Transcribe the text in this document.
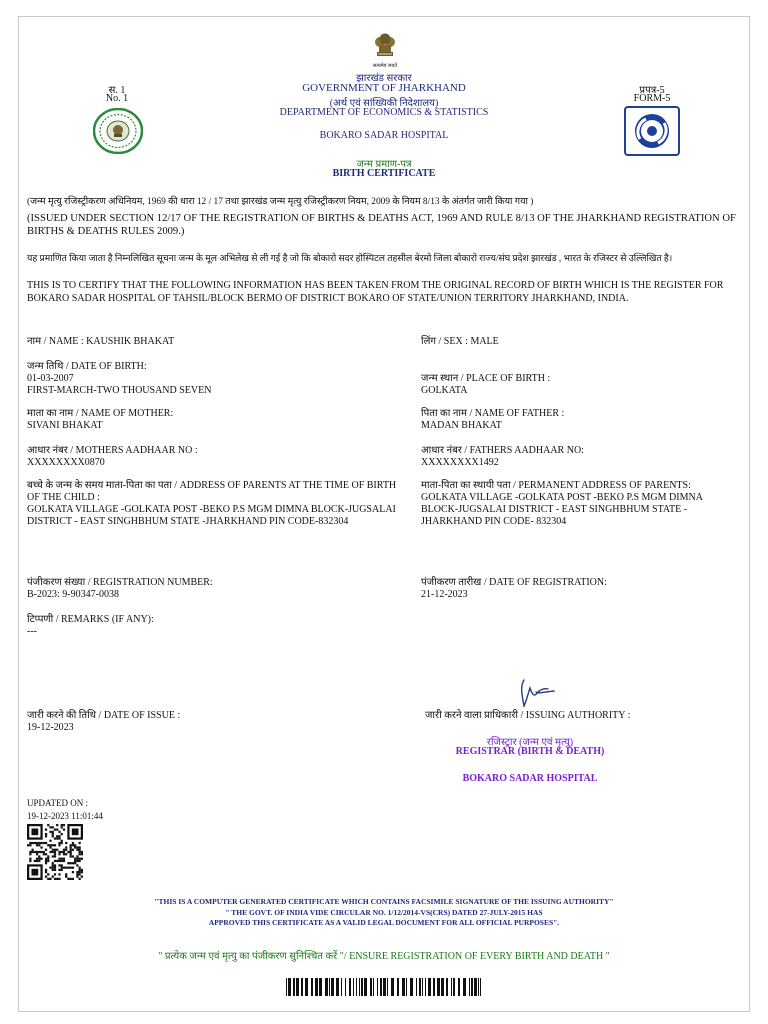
सत्यमेव जयते
स. 1
No. 1
प्रपत्र-5
FORM-5
झारखंड सरकार
GOVERNMENT OF JHARKHAND
(अर्थ एवं सांख्यिकी निदेशालय)
DEPARTMENT OF ECONOMICS & STATISTICS
BOKARO SADAR HOSPITAL
जन्म प्रमाण-पत्र
BIRTH CERTIFICATE
(जन्म मृत्यु रजिस्ट्रीकरण अधिनियम, 1969 की धारा 12 / 17 तथा झारखंड जन्म मृत्यु रजिस्ट्रीकरण नियम, 2009 के नियम 8/13 के अंतर्गत जारी किया गया )
(ISSUED UNDER SECTION 12/17 OF THE REGISTRATION OF BIRTHS & DEATHS ACT, 1969 AND RULE 8/13 OF THE JHARKHAND REGISTRATION OF BIRTHS & DEATHS RULES 2009.)
यह प्रमाणित किया जाता है निम्नलिखित सूचना जन्म के मूल अभिलेख से ली गई है जो कि बोकारो सदर होस्पिटल तहसील बेरमो जिला बोकारो राज्य/संघ प्रदेश झारखंड , भारत के रजिस्टर से उल्लिखित है।
THIS IS TO CERTIFY THAT THE FOLLOWING INFORMATION HAS BEEN TAKEN FROM THE ORIGINAL RECORD OF BIRTH WHICH IS THE REGISTER FOR BOKARO SADAR HOSPITAL OF TAHSIL/BLOCK BERMO OF DISTRICT BOKARO OF STATE/UNION TERRITORY JHARKHAND, INDIA.
नाम / NAME : KAUSHIK BHAKAT	लिंग / SEX : MALE
जन्म तिथि / DATE OF BIRTH:
01-03-2007
FIRST-MARCH-TWO THOUSAND SEVEN
जन्म स्थान / PLACE OF BIRTH :
GOLKATA
माता का नाम / NAME OF MOTHER:
SIVANI BHAKAT
पिता का नाम / NAME OF FATHER :
MADAN BHAKAT
आधार नंबर / MOTHERS AADHAAR NO :
XXXXXXXX0870
आधार नंबर / FATHERS AADHAAR NO:
XXXXXXXX1492
बच्चे के जन्म के समय माता-पिता का पता / ADDRESS OF PARENTS AT THE TIME OF BIRTH OF THE CHILD :
GOLKATA VILLAGE -GOLKATA POST -BEKO P.S MGM DIMNA BLOCK-JUGSALAI DISTRICT - EAST SINGHBHUM STATE -JHARKHAND PIN CODE-832304
माता-पिता का स्थायी पता / PERMANENT ADDRESS OF PARENTS:
GOLKATA VILLAGE -GOLKATA POST -BEKO P.S MGM DIMNA BLOCK-JUGSALAI DISTRICT - EAST SINGHBHUM STATE - JHARKHAND PIN CODE- 832304
पंजीकरण संख्या / REGISTRATION NUMBER:
B-2023: 9-90347-0038
पंजीकरण तारीख / DATE OF REGISTRATION:
21-12-2023
टिप्पणी / REMARKS (IF ANY):
---
जारी करने की तिथि / DATE OF ISSUE :
19-12-2023
जारी करने वाला प्राधिकारी / ISSUING AUTHORITY :
रजिस्ट्रार (जन्म एवं मृत्यु)
REGISTRAR (BIRTH & DEATH)
BOKARO SADAR HOSPITAL
UPDATED ON :
19-12-2023 11:01:44
"THIS IS A COMPUTER GENERATED CERTIFICATE WHICH CONTAINS FACSIMILE SIGNATURE OF THE ISSUING AUTHORITY"
" THE GOVT. OF INDIA VIDE CIRCULAR NO. 1/12/2014-VS(CRS) DATED 27-JULY-2015 HAS
APPROVED THIS CERTIFICATE AS A VALID LEGAL DOCUMENT FOR ALL OFFICIAL PURPOSES".
" प्रत्येक जन्म एवं मृत्यु का पंजीकरण सुनिश्चित करें "/ ENSURE REGISTRATION OF EVERY BIRTH AND DEATH "
